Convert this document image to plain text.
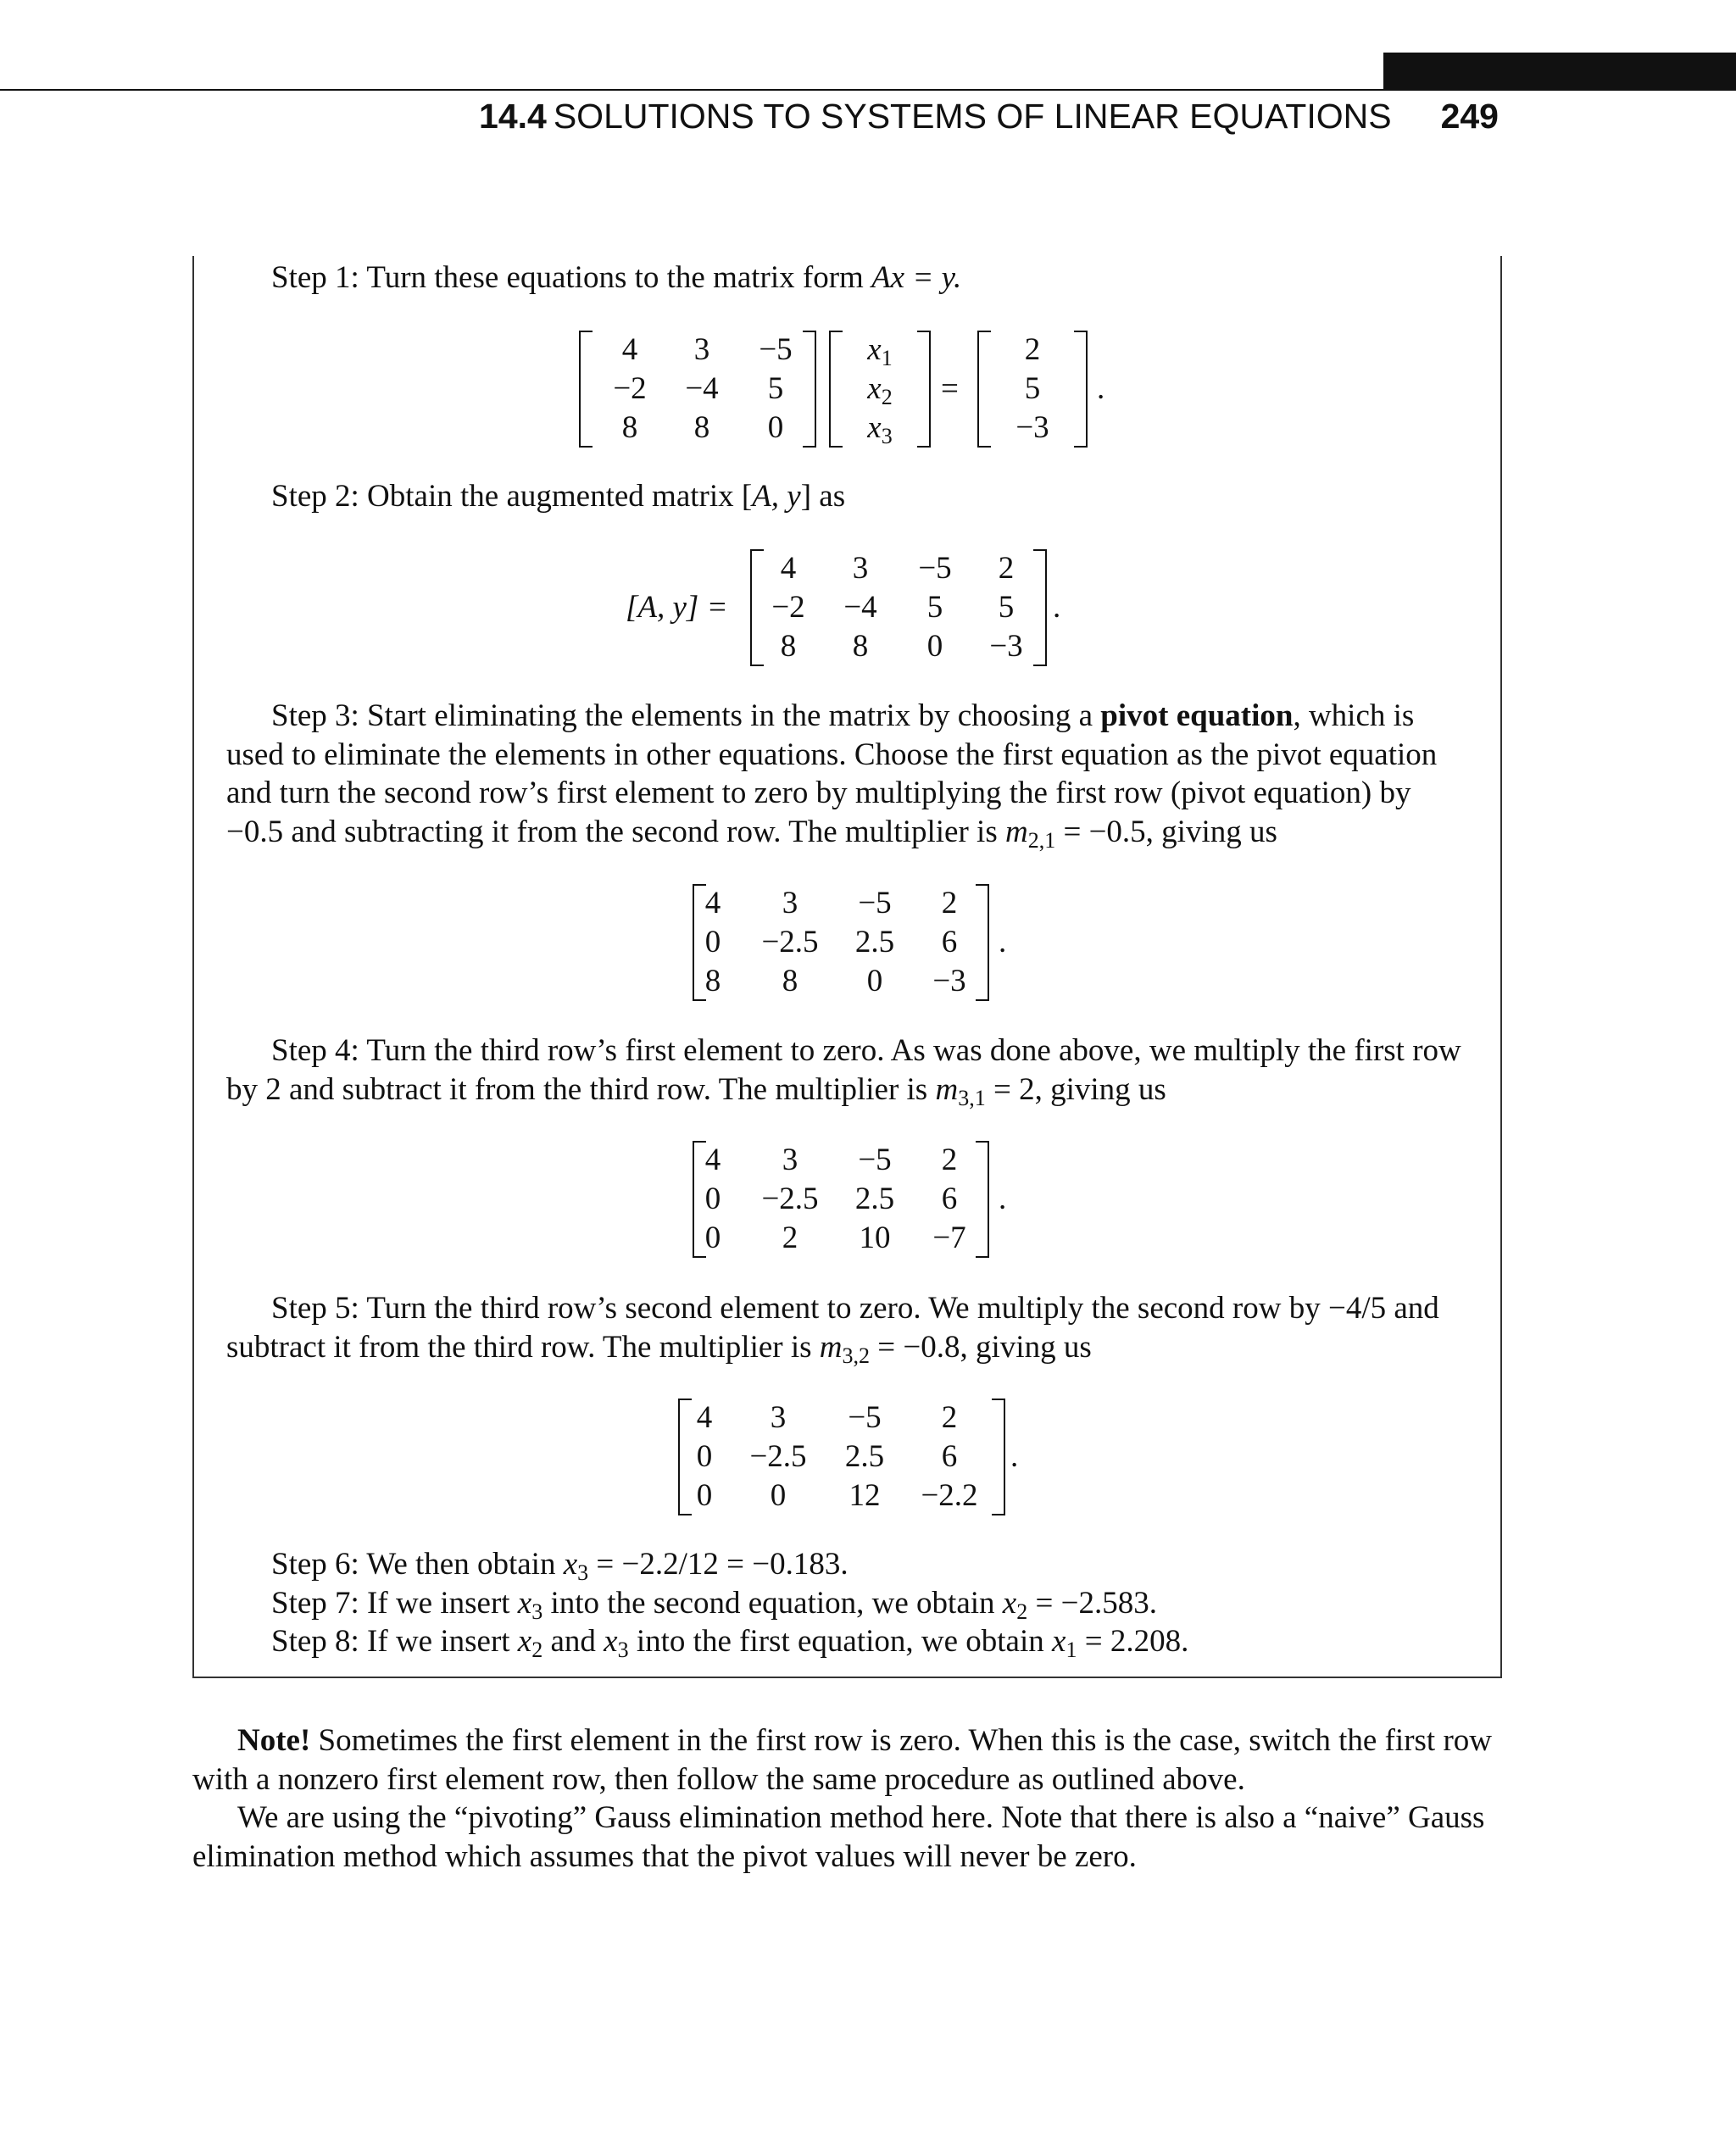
14.4 SOLUTIONS TO SYSTEMS OF LINEAR EQUATIONS 249
Step 1: Turn these equations to the matrix form Ax = y.
4 3 −5
−2 −4 5
8 8 0
$x_1$
$x_2$
$x_3$
=
2
5
−3
.
Step 2: Obtain the augmented matrix [A, y] as
[A, y] =
4 3 −5 2
−2 −4 5 5
8 8 0 −3
.
Step 3: Start eliminating the elements in the matrix by choosing a pivot equation, which is
used to eliminate the elements in other equations. Choose the first equation as the pivot equation
and turn the second row’s first element to zero by multiplying the first row (pivot equation) by
−0.5 and subtracting it from the second row. The multiplier is $m_{2,1} = -0.5$, giving us
4 3 −5 2
0 −2.5 2.5 6
8 8 0 −3
.
Step 4: Turn the third row’s first element to zero. As was done above, we multiply the first row
by 2 and subtract it from the third row. The multiplier is $m_{3,1} = 2$, giving us
4 3 −5 2
0 −2.5 2.5 6
0 2 10 −7
.
Step 5: Turn the third row’s second element to zero. We multiply the second row by −4/5 and
subtract it from the third row. The multiplier is $m_{3,2} = -0.8$, giving us
4 3 −5 2
0 −2.5 2.5 6
0 0 12 −2.2
.
Step 6: We then obtain $x_3 = -2.2/12 = -0.183$.
Step 7: If we insert $x_3$ into the second equation, we obtain $x_2 = -2.583$.
Step 8: If we insert $x_2$ and $x_3$ into the first equation, we obtain $x_1 = 2.208$.
Note! Sometimes the first element in the first row is zero. When this is the case, switch the first row
with a nonzero first element row, then follow the same procedure as outlined above.
We are using the “pivoting” Gauss elimination method here. Note that there is also a “naive” Gauss
elimination method which assumes that the pivot values will never be zero.
